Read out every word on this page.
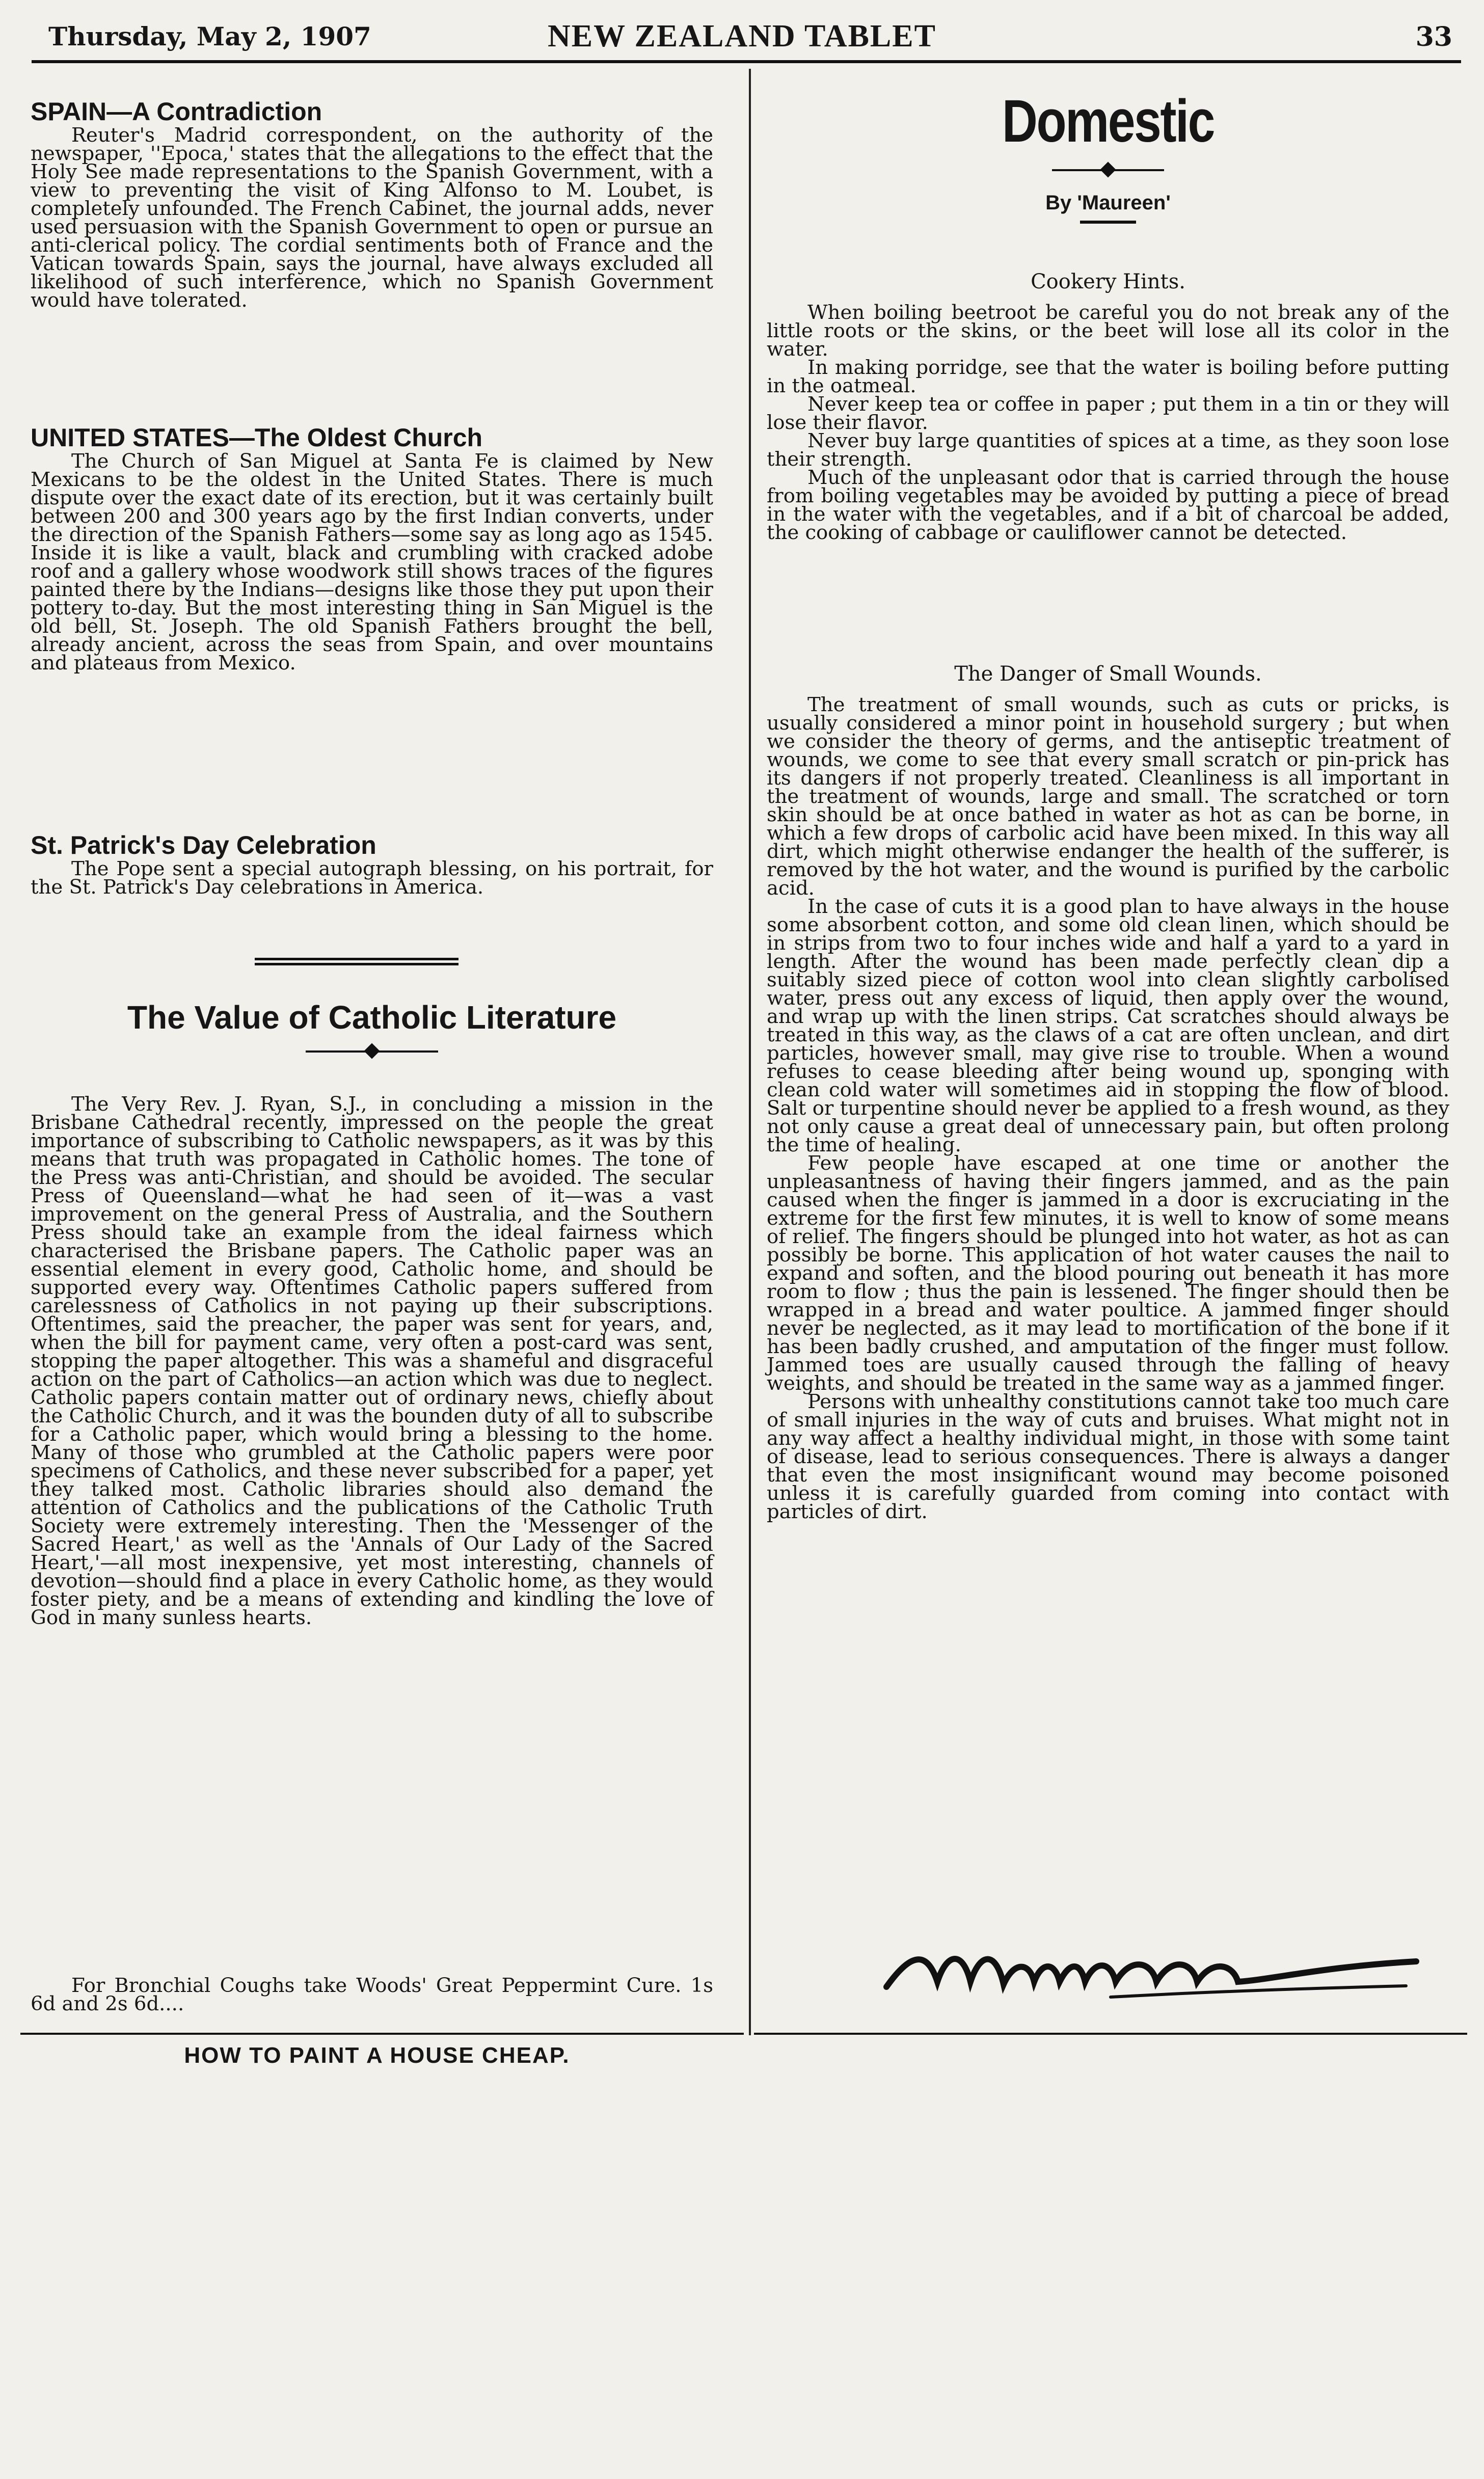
Thursday, May 2, 1907	NEW ZEALAND TABLET	33
SPAIN—A Contradiction

Reuter's Madrid correspondent, on the authority of the newspaper, ''Epoca,' states that the allegations to the effect that the Holy See made representations to the Spanish Government, with a view to preventing the visit of King Alfonso to M. Loubet, is completely unfounded. The French Cabinet, the journal adds, never used persuasion with the Spanish Government to open or pursue an anti-clerical policy. The cordial sentiments both of France and the Vatican towards Spain, says the journal, have always excluded all likelihood of such interference, which no Spanish Government would have tolerated.

UNITED STATES—The Oldest Church

The Church of San Miguel at Santa Fe is claimed by New Mexicans to be the oldest in the United States. There is much dispute over the exact date of its erection, but it was certainly built between 200 and 300 years ago by the first Indian converts, under the direction of the Spanish Fathers—some say as long ago as 1545. Inside it is like a vault, black and crumbling with cracked adobe roof and a gallery whose woodwork still shows traces of the figures painted there by the Indians—designs like those they put upon their pottery to-day. But the most interesting thing in San Miguel is the old bell, St. Joseph. The old Spanish Fathers brought the bell, already ancient, across the seas from Spain, and over mountains and plateaus from Mexico.

St. Patrick's Day Celebration

The Pope sent a special autograph blessing, on his portrait, for the St. Patrick's Day celebrations in America.

The Value of Catholic Literature

The Very Rev. J. Ryan, S.J., in concluding a mission in the Brisbane Cathedral recently, impressed on the people the great importance of subscribing to Catholic newspapers, as it was by this means that truth was propagated in Catholic homes. The tone of the Press was anti-Christian, and should be avoided. The secular Press of Queensland—what he had seen of it—was a vast improvement on the general Press of Australia, and the Southern Press should take an example from the ideal fairness which characterised the Brisbane papers. The Catholic paper was an essential element in every good, Catholic home, and should be supported every way. Oftentimes Catholic papers suffered from carelessness of Catholics in not paying up their subscriptions. Oftentimes, said the preacher, the paper was sent for years, and, when the bill for payment came, very often a post-card was sent, stopping the paper altogether. This was a shameful and disgraceful action on the part of Catholics—an action which was due to neglect. Catholic papers contain matter out of ordinary news, chiefly about the Catholic Church, and it was the bounden duty of all to subscribe for a Catholic paper, which would bring a blessing to the home. Many of those who grumbled at the Catholic papers were poor specimens of Catholics, and these never subscribed for a paper, yet they talked most. Catholic libraries should also demand the attention of Catholics and the publications of the Catholic Truth Society were extremely interesting. Then the 'Messenger of the Sacred Heart,' as well as the 'Annals of Our Lady of the Sacred Heart,'—all most inexpensive, yet most interesting, channels of devotion—should find a place in every Catholic home, as they would foster piety, and be a means of extending and kindling the love of God in many sunless hearts.

For Bronchial Coughs take Woods' Great Peppermint Cure. 1s 6d and 2s 6d....

HOW TO PAINT A HOUSE CHEAP.
Domestic
By 'Maureen'
Cookery Hints.

When boiling beetroot be careful you do not break any of the little roots or the skins, or the beet will lose all its color in the water.

In making porridge, see that the water is boiling before putting in the oatmeal.

Never keep tea or coffee in paper ; put them in a tin or they will lose their flavor.

Never buy large quantities of spices at a time, as they soon lose their strength.

Much of the unpleasant odor that is carried through the house from boiling vegetables may be avoided by putting a piece of bread in the water with the vegetables, and if a bit of charcoal be added, the cooking of cabbage or cauliflower cannot be detected.

The Danger of Small Wounds.

The treatment of small wounds, such as cuts or pricks, is usually considered a minor point in household surgery ; but when we consider the theory of germs, and the antiseptic treatment of wounds, we come to see that every small scratch or pin-prick has its dangers if not properly treated. Cleanliness is all important in the treatment of wounds, large and small. The scratched or torn skin should be at once bathed in water as hot as can be borne, in which a few drops of carbolic acid have been mixed. In this way all dirt, which might otherwise endanger the health of the sufferer, is removed by the hot water, and the wound is purified by the carbolic acid.

In the case of cuts it is a good plan to have always in the house some absorbent cotton, and some old clean linen, which should be in strips from two to four inches wide and half a yard to a yard in length. After the wound has been made perfectly clean dip a suitably sized piece of cotton wool into clean slightly carbolised water, press out any excess of liquid, then apply over the wound, and wrap up with the linen strips. Cat scratches should always be treated in this way, as the claws of a cat are often unclean, and dirt particles, however small, may give rise to trouble. When a wound refuses to cease bleeding after being wound up, sponging with clean cold water will sometimes aid in stopping the flow of blood. Salt or turpentine should never be applied to a fresh wound, as they not only cause a great deal of unnecessary pain, but often prolong the time of healing.

Few people have escaped at one time or another the unpleasantness of having their fingers jammed, and as the pain caused when the finger is jammed in a door is excruciating in the extreme for the first few minutes, it is well to know of some means of relief. The fingers should be plunged into hot water, as hot as can possibly be borne. This application of hot water causes the nail to expand and soften, and the blood pouring out beneath it has more room to flow ; thus the pain is lessened. The finger should then be wrapped in a bread and water poultice. A jammed finger should never be neglected, as it may lead to mortification of the bone if it has been badly crushed, and amputation of the finger must follow. Jammed toes are usually caused through the falling of heavy weights, and should be treated in the same way as a jammed finger.

Persons with unhealthy constitutions cannot take too much care of small injuries in the way of cuts and bruises. What might not in any way affect a healthy individual might, in those with some taint of disease, lead to serious consequences. There is always a danger that even the most insignificant wound may become poisoned unless it is carefully guarded from coming into contact with particles of dirt.
